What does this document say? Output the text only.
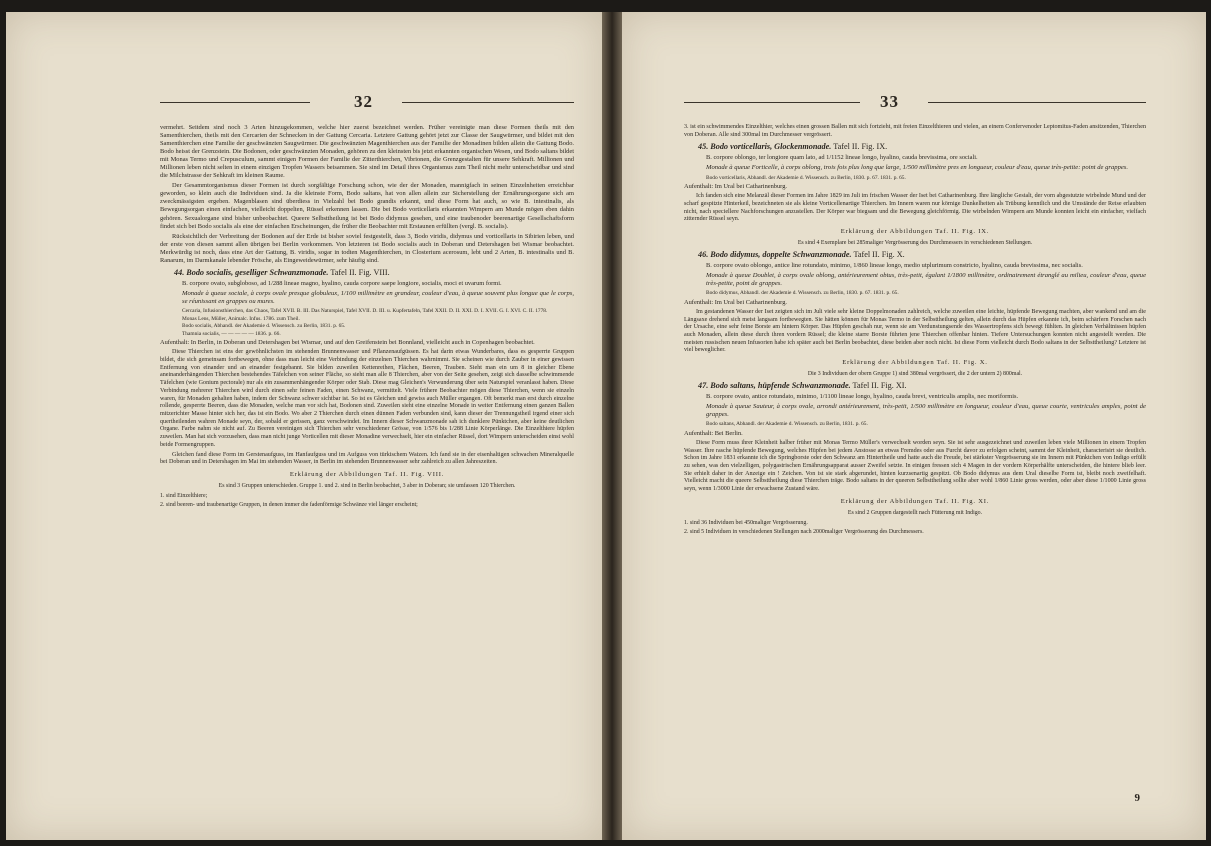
32

vermehrt. Seitdem sind noch 3 Arten hinzugekommen, welche hier zuerst bezeichnet werden. Früher vereinigte man diese Formen theils mit den Samenthierchen, theils mit den Cercarien der Schnecken in der Gattung Cercaria. Letztere Gattung gehört jetzt zur Classe der Saugwürmer, und bildet mit den Samenthierchen eine Familie der geschwänzten Saugwürmer. Die geschwänzten Magenthierchen aus der Familie der Monadinen bilden allein die Gattung Bodo. Bodo heisst der Grenzstein. Die Bodonen, oder geschwänzten Monaden, gehören zu den kleinsten bis jetzt erkannten organischen Wesen, und Bodo saltans bildet mit Monas Termo und Crepusculum, sammt einigen Formen der Familie der Zitterthierchen, Vibrionen, die Grenzgestalten für unsere Sehkraft. Millionen und Millionen leben nicht selten in einem einzigen Tropfen Wassers beisammen. Sie sind im Detail ihres Organismus zum Theil nicht mehr unterscheidbar und sind die Milchstrasse der Sehkraft im kleinen Raume.

Der Gesammtorganismus dieser Formen ist durch sorgfältige Forschung schon, wie der der Monaden, mannigfach in seinen Einzelnheiten erreichbar geworden, so klein auch die Individuen sind. Ja die kleinste Form, Bodo saltans, hat von allen allein zur Sicherstellung der Ernährungsorgane sich am zweckmässigsten ergeben. Magenblasen sind überdiess in Vielzahl bei Bodo grandis erkannt, und diese Form hat auch, so wie B. intestinalis, als Bewegungsorgan einen einfachen, vielleicht doppelten, Rüssel erkennen lassen. Die bei Bodo vorticellaris erkannten Wimpern am Munde mögen eben dahin gehören. Sexualorgane sind bisher unbeobachtet. Queere Selbsttheilung ist bei Bodo didymus gesehen, und eine traubenoder beerenartige Gesellschaftsform findet sich bei Bodo socialis als eine der einfachen Erscheinungen, die früher die Beobachter mit Erstaunen erfüllten (vergl. B. socialis).

Rücksichtlich der Verbreitung der Bodonen auf der Erde ist bisher soviel festgestellt, dass 3, Bodo viridis, didymus und vorticellaris in Sibirien leben, und der erste von diesen sammt allen übrigen bei Berlin vorkommen. Von letzteren ist Bodo socialis auch in Doberan und Detershagen bei Wismar beobachtet. Merkwürdig ist noch, dass eine Art der Gattung, B. viridis, sogar in todten Magenthierchen, in Closterium acerosum, lebt und 2 Arten, B. intestinalis und B. Ranarum, im Darmkanale lebender Frösche, als Eingeweidewürmer, sehr häufig sind.

44. Bodo socialis, geselliger Schwanzmonade. Tafel II. Fig. VIII.

B. corpore ovato, subgloboso, ad 1/288 lineae magno, hyalino, cauda corpore saepe longiore, socialis, moci et uvarum formi.

Monade à queue sociale, à corps ovale presque globuleux, 1/100 millimètre en grandeur, couleur d'eau, à queue souvent plus longue que le corps, se réunissant en grappes ou mures.

Cercaria, Infusionsthierchen, das Chaos, Tafel XVII. B. III. Das Naturspiel, Tafel XVII. D. III. u. Kupfertafeln, Tafel XXII. D. II. XXI. D. I. XVII. G. I. XVI. C. II. 1778.

Monas Lens, Müller, Animalc. Infus. 1786. zum Theil.

Bodo socialis, Abhandl. der Akademie d. Wissensch. zu Berlin, 1831. p. 65.

Thamnia socialis, — — — — — 1836. p. 66.

Aufenthalt: In Berlin, in Doberan und Detershagen bei Wismar, und auf den Greifenstein bei Bonnland, vielleicht auch in Copenhagen beobachtet.

Diese Thierchen ist eins der gewöhnlichsten im stehenden Brunnenwasser und Pflanzenaufgüssen. Es hat darin etwas Wunderbares, dass es gesperrte Gruppen bildet, die sich gemeinsam fortbewegen, ohne dass man leicht eine Verbindung der einzelnen Thierchen wahrnimmt. Sie scheinen wie durch Zauber in einer gewissen Entfernung von einander und an einander festgebannt. Sie bilden zuweilen Kettenreihen, Flächen, Beeren, Trauben. Sieht man ein um 8 in gleicher Ebene aneinanderhängenden Thierchen bestehendes Täfelchen von seiner Fläche, so sieht man alle 8 Thierchen, aber von der Seite gesehen, zeigt sich dasselbe schwimmende Täfelchen (wie Gonium pectorale) nur als ein zusammenhängender Körper oder Stab. Diese mag Gleichen's Verwunderung über sein Naturspiel veranlasst haben. Diese Verbindung mehrerer Thierchen wird durch einen sehr feinen Faden, einen Schwanz, vermittelt. Viele frühere Beobachter mögen diese Thierchen, wenn sie einzeln waren, für Monaden gehalten haben, indem der Schwanz schwer sichtbar ist. So ist es Gleichen und gewiss auch Müller ergangen. Oft bemerkt man erst durch einzelne rollende, gesperrte Beeren, dass die Monaden, welche man vor sich hat, Bodonen sind. Zuweilen sieht eine einzelne Monade in weiter Entfernung einen ganzen Ballen mitzerichter Masse hinter sich her, das ist ein Bodo. Wo aber 2 Thierchen durch einen dünnen Faden verbunden sind, kann dieser der Trennungstheil irgend einer sich quertheilenden wahren Monade seyn, der, sobald er gerissen, ganz verschwindet. Im Innern dieser Schwanzmonade sah ich dunklere Pünktchen, aber keine deutlichen Organe. Farbe nahm sie nicht auf. Zu Beeren vereinigen sich Thierchen sehr verschiedener Grösse, von 1/576 bis 1/288 Linie Körperlänge. Die Einzelthiere hüpfen zuweilen. Man hat sich vorzusehen, dass man nicht junge Vorticellen mit dieser Monadine verwechselt, hier ein einfacher Rüssel, dort Wimpern unterscheiden einst wohl beide Formengruppen.

Gleichen fand diese Form im Gerstenaufguss, im Hanfaufguss und im Aufguss von türkischem Waizen. Ich fand sie in der eisenhaltigen schwachen Mineralquelle bei Doberan und in Detershagen im Mai im stehenden Wasser, in Berlin im stehenden Brunnenwasser sehr zahlreich zu allen Jahreszeiten.

Erklärung der Abbildungen Taf. II. Fig. VIII.

Es sind 3 Gruppen unterschieden. Gruppe 1. und 2. sind in Berlin beobachtet, 3 aber in Doberan; sie umfassen 120 Thierchen.

1. sind Einzelthiere;

2. sind beeren- und traubenartige Gruppen, in denen immer die fadenförmige Schwänze viel länger erscheint;

33

3. ist ein schwimmendes Einzelthier, welches einen grossen Ballen mit sich fortzieht, mit freien Einzelthieren und vielen, an einem Confervenoder Leptomitus-Faden ansitzenden, Thierchen von Doberan. Alle sind 300mal im Durchmesser vergrössert.

45. Bodo vorticellaris, Glockenmonade. Tafel II. Fig. IX.

B. corpore oblongo, ter longiore quam lato, ad 1/1152 lineae longo, hyalino, cauda brevissima, ore sociali.

Monade à queue Forticelle, à corps oblong, trois fois plus long que large, 1/500 millimètre pres en longueur, couleur d'eau, queue très-petite: point de grappes.

Bodo vorticellaris, Abhandl. der Akademie d. Wissensch. zu Berlin, 1830. p. 67. 1831. p. 65.

Aufenthalt: Im Ural bei Catharinenburg.

Ich fanden sich eine Melanzäl dieser Formen im Jahre 1829 im Juli im frischen Wasser der Iset bei Catharinenburg. Ihre längliche Gestalt, der vorn abgestutzte wirbelnde Mund und der scharf gespitzte Hinterkeil, bezeichneten sie als kleine Vorticellenartige Thierchen. Im Innern waren nur körnige Dunkelheiten als Trübung kenntlich und die Umstände der Reise erlaubten nicht, nach speciellere Nachforschungen anzustellen. Der Körper war biegsam und die Bewegung gleichförmig. Die wirbelnden Wimpern am Munde konnten leicht ein einfacher, vielfach zitternder Rüssel seyn.

Erklärung der Abbildungen Taf. II. Fig. IX.

Es sind 4 Exemplare bei 285maliger Vergrösserung des Durchmessers in verschiedenen Stellungen.

46. Bodo didymus, doppelte Schwanzmonade. Tafel II. Fig. X.

B. corpore ovato oblongo, antice line rotundato, minimo, 1/860 lineae longo, medio utplurimum constricto, hyalino, cauda brevissima, nec socialis.

Monade à queue Doublet, à corps ovale oblong, antérieurement obtus, très-petit, égalant 1/1800 millimètre, ordinairement étranglé au milieu, couleur d'eau, queue très-petite, point de grappes.

Bodo didymus, Abhandl. der Akademie d. Wissensch. zu Berlin, 1830. p. 67. 1831. p. 65.

Aufenthalt: Im Ural bei Catharinenburg.

Im gestandenen Wasser der Iset zeigten sich im Juli viele sehr kleine Doppelmonaden zahlreich, welche zuweilen eine leichte, hüpfende Bewegung machten, aber wankend und am die Längsaxe drehend sich meist langsam fortbewegten. Sie hätten können für Monas Termo in der Selbsttheilung gelten, allein durch das Hüpfen erkannte ich, beim schärfern Forschen nach der Ursache, eine sehr feine Borste am hintern Körper. Das Hüpfen geschah nur, wenn sie am Verdunstungsende des Wassertropfens sich bewegt fühlten. In gleichen Verhältnissen hüpfen auch Monaden, allein diese durch ihren vordern Rüssel; die kleine starre Borste führten jene Thierchen offenbar hinten. Tiefere Untersuchungen konnten nicht angestellt werden. Die meisten russischen neuen Infusorien habe ich später auch bei Berlin beobachtet, diese beiden aber noch nicht. Ist diese Form vielleicht durch Bodo saltans in der Selbsttheilung? Letztere ist viel beweglicher.

Erklärung der Abbildungen Taf. II. Fig. X.

Die 3 Individuen der obern Gruppe 1) sind 380mal vergrössert, die 2 der untern 2) 800mal.

47. Bodo saltans, hüpfende Schwanzmonade. Tafel II. Fig. XI.

B. corpore ovato, antice rotundato, minimo, 1/1100 lineae longo, hyalino, cauda brevi, ventriculis amplis, nec moriformis.

Monade à queue Sauteur, à corps ovale, arrondi antérieurement, très-petit, 1/500 millimètre en longueur, couleur d'eau, queue courte, ventricules amples, point de grappes.

Bodo saltans, Abhandl. der Akademie d. Wissensch. zu Berlin, 1831. p. 65.

Aufenthalt: Bei Berlin.

Diese Form muss ihrer Kleinheit halber früher mit Monas Termo Müller's verwechselt worden seyn. Sie ist sehr ausgezeichnet und zuweilen leben viele Millionen in einem Tropfen Wasser. Ihre rasche hüpfende Bewegung, welches Hüpfen bei jedem Anstosse an etwas Fremdes oder aus Furcht davor zu erfolgen scheint, sammt der Kleinheit, characterisirt sie deutlich. Schon im Jahre 1831 erkannte ich die Springborste oder den Schwanz am Hintertheile und hatte auch die Freude, bei stärkster Vergrösserung sie im Innern mit Pünktchen von Indigo erfüllt zu sehen, was den vielzelligen, polygastrischen Ernährungsapparat ausser Zweifel setzte. In einigen fressen sich 4 Magen in der vordern Körperhälfte unterscheiden, die hintere blieb leer. Sie erhielt daher in der Anzeige ein ! Zeichen. Von ist sie stark abgerundet, hinten kurzsenartig gespitzt. Ob Bodo didymus aus dem Ural dieselbe Form ist, bleibt noch zweifelhaft. Vielleicht macht die queere Selbsttheilung diese Thierchen träge. Bodo saltans in der queeren Selbsttheilung sollte aber wohl 1/860 Linie gross werden, oder aber diese 1/1000 Linie gross seyn, wenn 1/3000 Linie der erwachsene Zustand wäre.

Erklärung der Abbildungen Taf. II. Fig. XI.

Es sind 2 Gruppen dargestellt nach Fütterung mit Indigo.

1. sind 36 Individuen bei 450maliger Vergrösserung.

2. sind 5 Individuen in verschiedenen Stellungen nach 2000maliger Vergrösserung des Durchmessers.

9
